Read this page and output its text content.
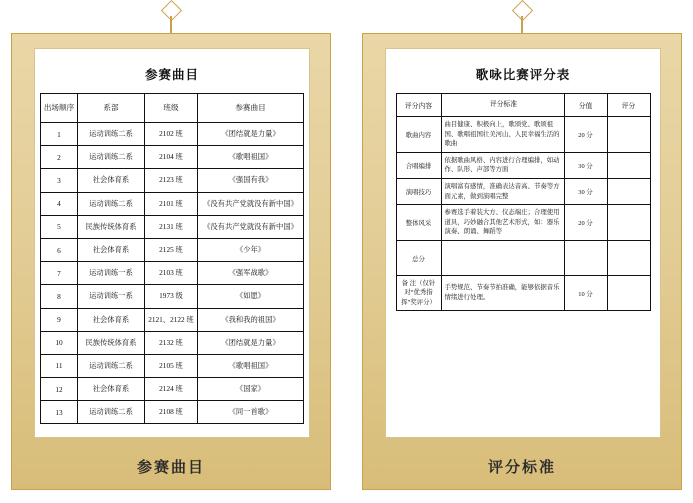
参赛曲目
出场顺序	系部	班级	参赛曲目
1	运动训练二系	2102 班	《团结就是力量》
2	运动训练二系	2104 班	《歌唱祖国》
3	社会体育系	2123 班	《强国有我》
4	运动训练二系	2101 班	《没有共产党就没有新中国》
5	民族传统体育系	2131 班	《没有共产党就没有新中国》
6	社会体育系	2125 班	《少年》
7	运动训练一系	2103 班	《强军战歌》
8	运动训练一系	1973 级	《如愿》
9	社会体育系	2121、2122 班	《我和我的祖国》
10	民族传统体育系	2132 班	《团结就是力量》
11	运动训练二系	2105 班	《歌唱祖国》
12	社会体育系	2124 班	《国家》
13	运动训练二系	2108 班	《同一首歌》
参赛曲目
歌咏比赛评分表
评分内容	评分标准	分值	评分
歌曲内容	曲目健康、积极向上，歌颂党、歌颂祖国、歌唱祖国壮美河山、人民幸福生活的歌曲	20 分	
合唱编排	依据歌曲风格、内容进行合理编排，如动作、队形、声部等方面	30 分	
演唱技巧	演唱富有感情，准确表达音高、节奏等方面元素，做到演唱完整	30 分	
整体风采	参赛选手着装大方、仪态端庄；合理使用道具，巧妙融合其他艺术形式，如：器乐演奏、朗诵、舞蹈等	20 分	
总分			
备 注（仅针对“优秀指挥”奖评分）	手势规范、节奏节拍准确，能够依据音乐情绪进行处理。	10 分	
评分标准
